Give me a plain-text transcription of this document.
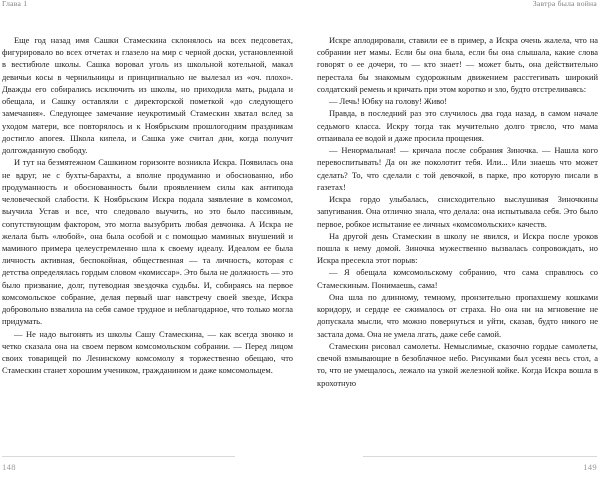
Глава 1

Еще год назад имя Сашки Стамескина склонялось на всех педсоветах, фигурировало во всех отчетах и глазело на мир с черной доски, установленной в вестибюле школы. Сашка воровал уголь из школьной котельной, макал девичьи косы в чернильницы и принципиально не вылезал из «оч. плохо». Дважды его собирались исключить из школы, но приходила мать, рыдала и обещала, и Сашку оставляли с директорской пометкой «до следующего замечания». Следующее замечание неукротимый Стамескин хватал вслед за уходом матери, все повторялось и к Ноябрьским прошлогодним праздникам достигло апогея. Школа кипела, и Сашка уже считал дни, когда получит долгожданную свободу.

И тут на безмятежном Сашкином горизонте возникла Искра. Появилась она не вдруг, не с бухты-барахты, а вполне продуманно и обоснованно, ибо продуманность и обоснованность были проявлением силы как антипода человеческой слабости. К Ноябрьским Искра подала заявление в комсомол, выучила Устав и все, что следовало выучить, но это было пассивным, сопутствующим фактором, это могла вызубрить любая девчонка. А Искра не желала быть «любой», она была особой и с помощью маминых внушений и маминого примера целеустремленно шла к своему идеалу. Идеалом ее была личность активная, беспокойная, общественная — та личность, которая с детства определялась гордым словом «комиссар». Это была не должность — это было призвание, долг, путеводная звездочка судьбы. И, собираясь на первое комсомольское собрание, делая первый шаг навстречу своей звезде, Искра добровольно взвалила на себя самое трудное и неблагодарное, что только могла придумать.

— Не надо выгонять из школы Сашу Стамескина, — как всегда звонко и четко сказала она на своем первом комсомольском собрании. — Перед лицом своих товарищей по Ленинскому комсомолу я торжественно обещаю, что Стамескин станет хорошим учеником, гражданином и даже комсомольцем.

148
Завтра была война

Искре аплодировали, ставили ее в пример, а Искра очень жалела, что на собрании нет мамы. Если бы она была, если бы она слышала, какие слова говорят о ее дочери, то — кто знает! — может быть, она действительно перестала бы знакомым судорожным движением расстегивать широкий солдатский ремень и кричать при этом коротко и зло, будто отстреливаясь:

— Лечь! Юбку на голову! Живо!

Правда, в последний раз это случилось два года назад, в самом начале седьмого класса. Искру тогда так мучительно долго трясло, что мама отпаивала ее водой и даже просила прощения.

— Ненормальная! — кричала после собрания Зиночка. — Нашла кого перевоспитывать! Да он же поколотит тебя. Или... Или знаешь что может сделать? То, что сделали с той девочкой, в парке, про которую писали в газетах!

Искра гордо улыбалась, снисходительно выслушивая Зиночкины запугивания. Она отлично знала, что делала: она испытывала себя. Это было первое, робкое испытание ее личных «комсомольских» качеств.

На другой день Стамескин в школу не явился, и Искра после уроков пошла к нему домой. Зиночка мужественно вызвалась сопровождать, но Искра пресекла этот порыв:

— Я обещала комсомольскому собранию, что сама справлюсь со Стамескиным. Понимаешь, сама!

Она шла по длинному, темному, пронзительно пропахшему кошками коридору, и сердце ее сжималось от страха. Но она ни на мгновение не допускала мысли, что можно повернуться и уйти, сказав, будто никого не застала дома. Она не умела лгать, даже себе самой.

Стамескин рисовал самолеты. Немыслимые, сказочно гордые самолеты, свечой взмывающие в безоблачное небо. Рисунками был усеян весь стол, а то, что не умещалось, лежало на узкой железной койке. Когда Искра вошла в крохотную

149
